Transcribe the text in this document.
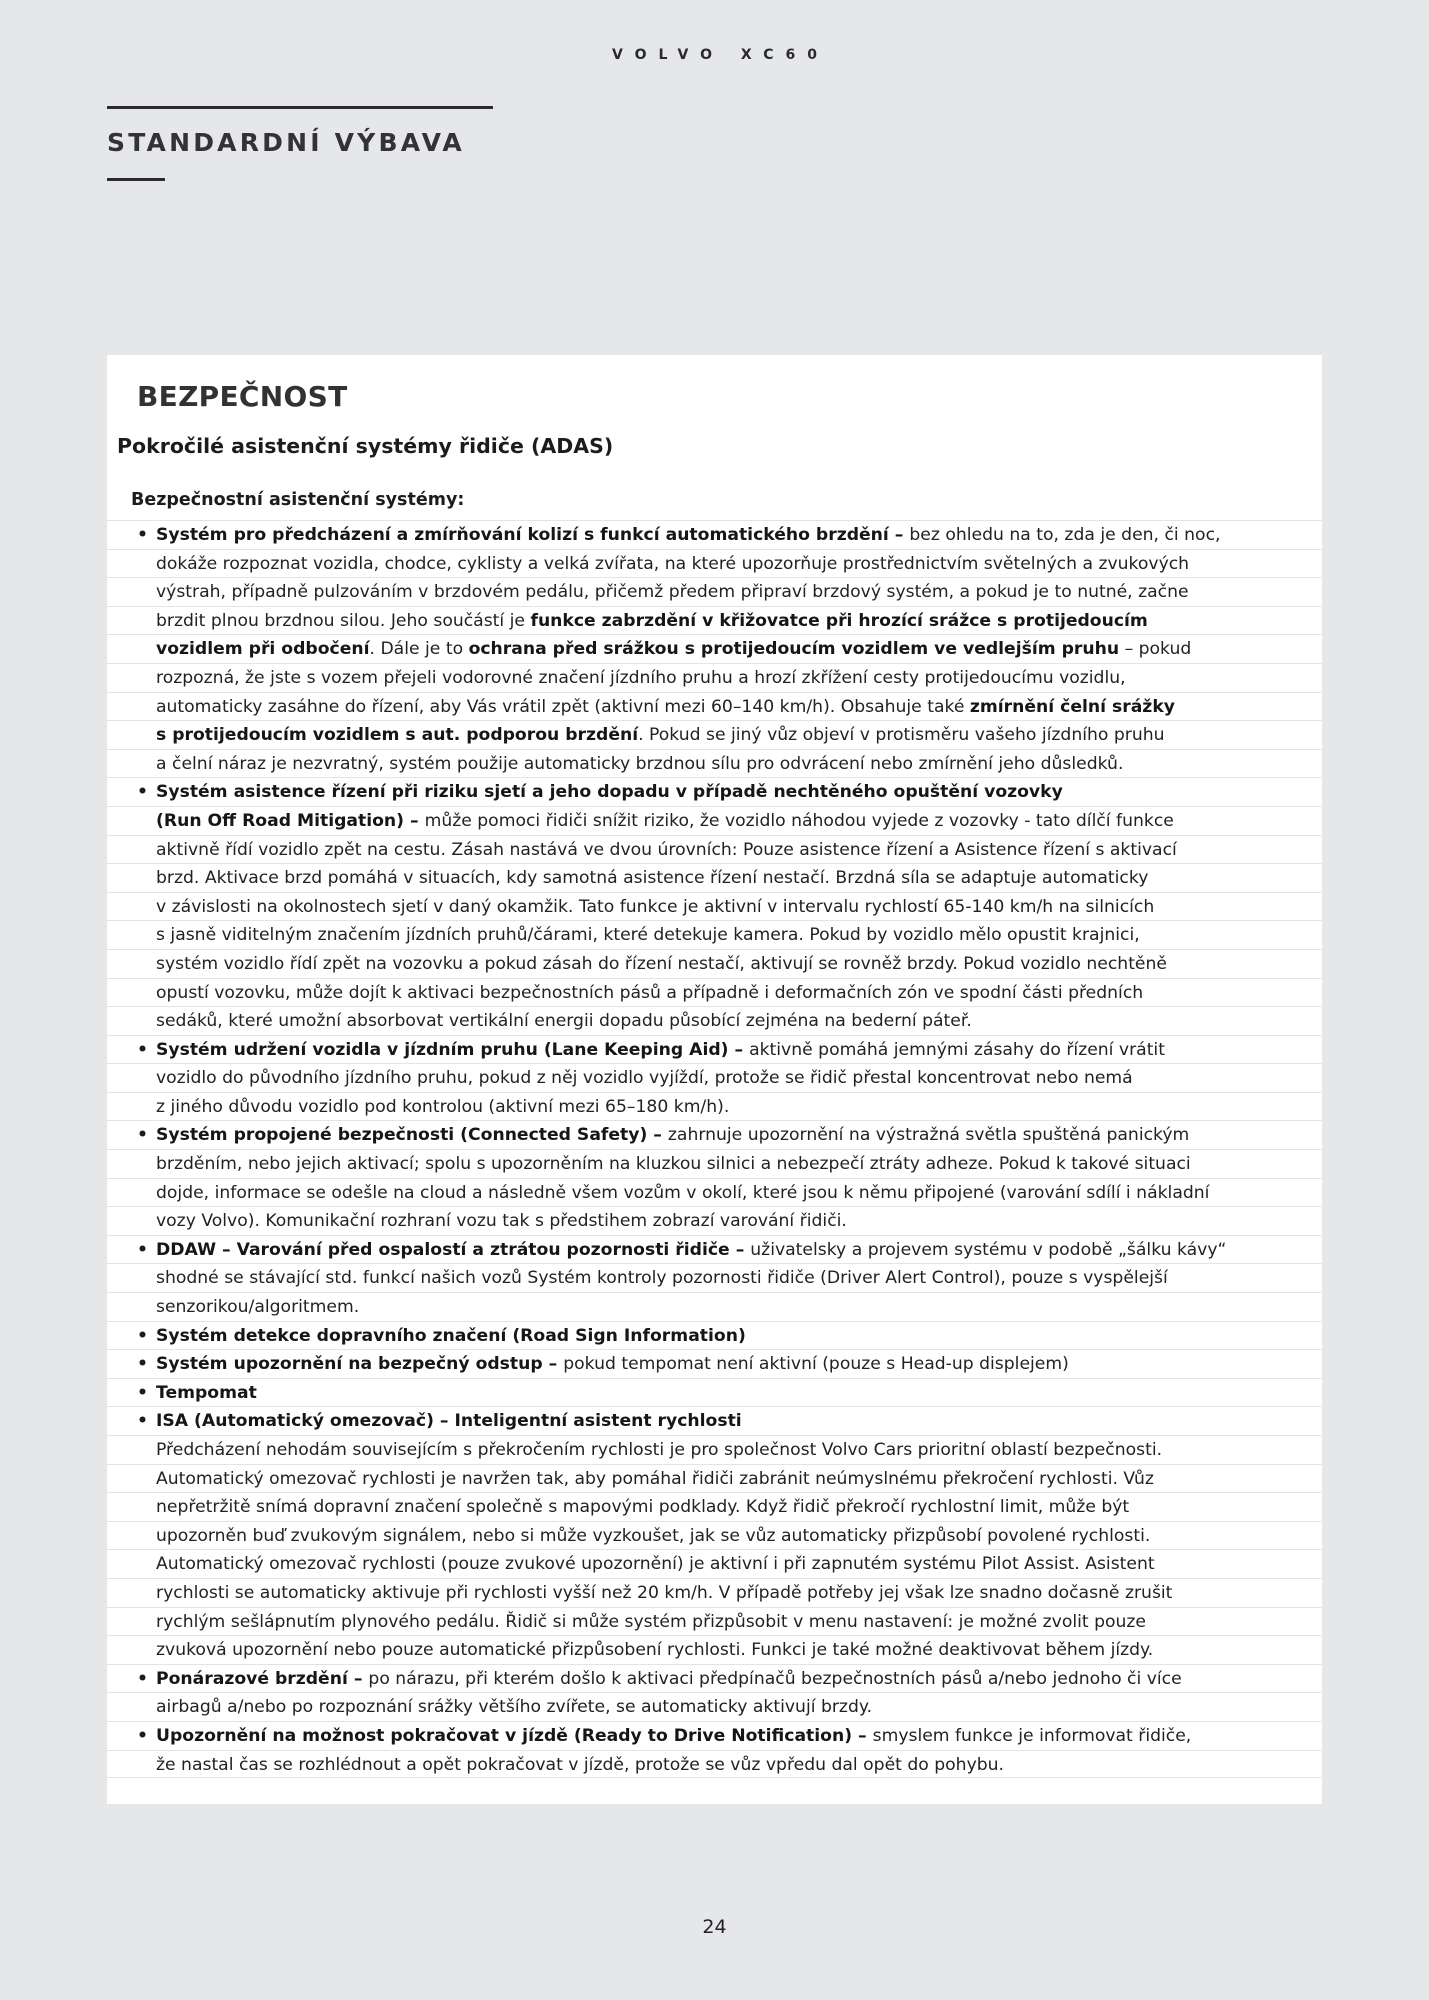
VOLVO XC60
STANDARDNÍ VÝBAVA
BEZPEČNOST
Pokročilé asistenční systémy řidiče (ADAS)
Bezpečnostní asistenční systémy:
• Systém pro předcházení a zmírňování kolizí s funkcí automatického brzdění – bez ohledu na to, zda je den, či noc,
dokáže rozpoznat vozidla, chodce, cyklisty a velká zvířata, na které upozorňuje prostřednictvím světelných a zvukových
výstrah, případně pulzováním v brzdovém pedálu, přičemž předem připraví brzdový systém, a pokud je to nutné, začne
brzdit plnou brzdnou silou. Jeho součástí je funkce zabrzdění v křižovatce při hrozící srážce s protijedoucím
vozidlem při odbočení. Dále je to ochrana před srážkou s protijedoucím vozidlem ve vedlejším pruhu – pokud
rozpozná, že jste s vozem přejeli vodorovné značení jízdního pruhu a hrozí zkřížení cesty protijedoucímu vozidlu,
automaticky zasáhne do řízení, aby Vás vrátil zpět (aktivní mezi 60–140 km/h). Obsahuje také zmírnění čelní srážky
s protijedoucím vozidlem s aut. podporou brzdění. Pokud se jiný vůz objeví v protisměru vašeho jízdního pruhu
a čelní náraz je nezvratný, systém použije automaticky brzdnou sílu pro odvrácení nebo zmírnění jeho důsledků.
• Systém asistence řízení při riziku sjetí a jeho dopadu v případě nechtěného opuštění vozovky
(Run Off Road Mitigation) – může pomoci řidiči snížit riziko, že vozidlo náhodou vyjede z vozovky - tato dílčí funkce
aktivně řídí vozidlo zpět na cestu. Zásah nastává ve dvou úrovních: Pouze asistence řízení a Asistence řízení s aktivací
brzd. Aktivace brzd pomáhá v situacích, kdy samotná asistence řízení nestačí. Brzdná síla se adaptuje automaticky
v závislosti na okolnostech sjetí v daný okamžik. Tato funkce je aktivní v intervalu rychlostí 65-140 km/h na silnicích
s jasně viditelným značením jízdních pruhů/čárami, které detekuje kamera. Pokud by vozidlo mělo opustit krajnici,
systém vozidlo řídí zpět na vozovku a pokud zásah do řízení nestačí, aktivují se rovněž brzdy. Pokud vozidlo nechtěně
opustí vozovku, může dojít k aktivaci bezpečnostních pásů a případně i deformačních zón ve spodní části předních
sedáků, které umožní absorbovat vertikální energii dopadu působící zejména na bederní páteř.
• Systém udržení vozidla v jízdním pruhu (Lane Keeping Aid) – aktivně pomáhá jemnými zásahy do řízení vrátit
vozidlo do původního jízdního pruhu, pokud z něj vozidlo vyjíždí, protože se řidič přestal koncentrovat nebo nemá
z jiného důvodu vozidlo pod kontrolou (aktivní mezi 65–180 km/h).
• Systém propojené bezpečnosti (Connected Safety) – zahrnuje upozornění na výstražná světla spuštěná panickým
brzděním, nebo jejich aktivací; spolu s upozorněním na kluzkou silnici a nebezpečí ztráty adheze. Pokud k takové situaci
dojde, informace se odešle na cloud a následně všem vozům v okolí, které jsou k němu připojené (varování sdílí i nákladní
vozy Volvo). Komunikační rozhraní vozu tak s předstihem zobrazí varování řidiči.
• DDAW – Varování před ospalostí a ztrátou pozornosti řidiče – uživatelsky a projevem systému v podobě „šálku kávy“
shodné se stávající std. funkcí našich vozů Systém kontroly pozornosti řidiče (Driver Alert Control), pouze s vyspělejší
senzorikou/algoritmem.
• Systém detekce dopravního značení (Road Sign Information)
• Systém upozornění na bezpečný odstup – pokud tempomat není aktivní (pouze s Head-up displejem)
• Tempomat
• ISA (Automatický omezovač) – Inteligentní asistent rychlosti
Předcházení nehodám souvisejícím s překročením rychlosti je pro společnost Volvo Cars prioritní oblastí bezpečnosti.
Automatický omezovač rychlosti je navržen tak, aby pomáhal řidiči zabránit neúmyslnému překročení rychlosti. Vůz
nepřetržitě snímá dopravní značení společně s mapovými podklady. Když řidič překročí rychlostní limit, může být
upozorněn buď zvukovým signálem, nebo si může vyzkoušet, jak se vůz automaticky přizpůsobí povolené rychlosti.
Automatický omezovač rychlosti (pouze zvukové upozornění) je aktivní i při zapnutém systému Pilot Assist. Asistent
rychlosti se automaticky aktivuje při rychlosti vyšší než 20 km/h. V případě potřeby jej však lze snadno dočasně zrušit
rychlým sešlápnutím plynového pedálu. Řidič si může systém přizpůsobit v menu nastavení: je možné zvolit pouze
zvuková upozornění nebo pouze automatické přizpůsobení rychlosti. Funkci je také možné deaktivovat během jízdy.
• Ponárazové brzdění – po nárazu, při kterém došlo k aktivaci předpínačů bezpečnostních pásů a/nebo jednoho či více
airbagů a/nebo po rozpoznání srážky většího zvířete, se automaticky aktivují brzdy.
• Upozornění na možnost pokračovat v jízdě (Ready to Drive Notification) – smyslem funkce je informovat řidiče,
že nastal čas se rozhlédnout a opět pokračovat v jízdě, protože se vůz vpředu dal opět do pohybu.
24
